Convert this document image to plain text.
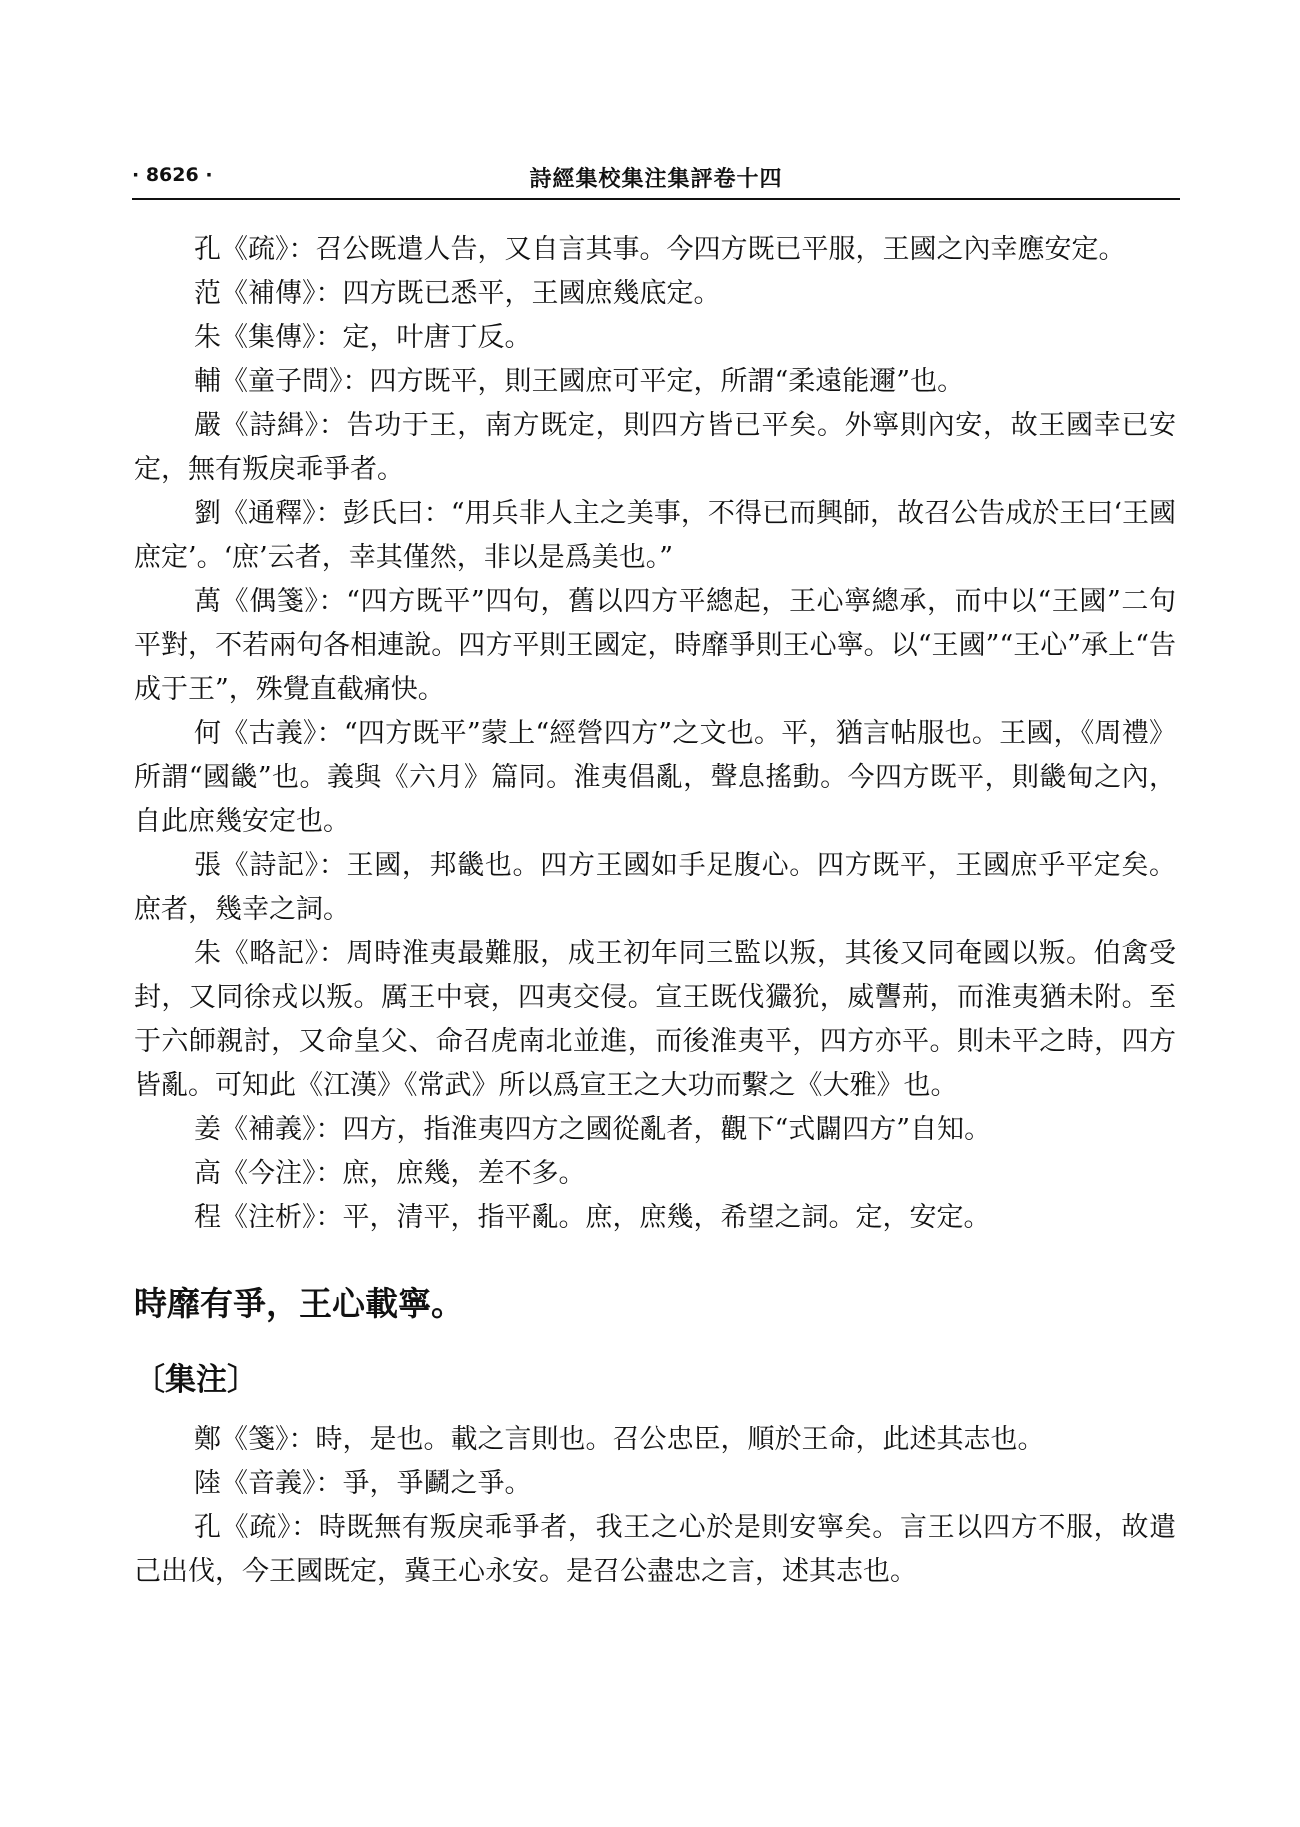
· 8626 ·	詩經集校集注集評卷十四

孔《疏》：召公既遣人告，又自言其事。今四方既已平服，王國之內幸應安定。

范《補傳》：四方既已悉平，王國庶幾底定。

朱《集傳》：定，叶唐丁反。

輔《童子問》：四方既平，則王國庶可平定，所謂“柔遠能邇”也。

嚴《詩緝》：告功于王，南方既定，則四方皆已平矣。外寧則內安，故王國幸已安定，無有叛戾乖爭者。

劉《通釋》：彭氏曰：“用兵非人主之美事，不得已而興師，故召公告成於王曰‘王國庶定’。‘庶’云者，幸其僅然，非以是爲美也。”

萬《偶箋》：“四方既平”四句，舊以四方平總起，王心寧總承，而中以“王國”二句平對，不若兩句各相連說。四方平則王國定，時靡爭則王心寧。以“王國”“王心”承上“告成于王”，殊覺直截痛快。

何《古義》：“四方既平”蒙上“經營四方”之文也。平，猶言帖服也。王國，《周禮》所謂“國畿”也。義與《六月》篇同。淮夷倡亂，聲息搖動。今四方既平，則畿甸之內，自此庶幾安定也。

張《詩記》：王國，邦畿也。四方王國如手足腹心。四方既平，王國庶乎平定矣。庶者，幾幸之詞。

朱《略記》：周時淮夷最難服，成王初年同三監以叛，其後又同奄國以叛。伯禽受封，又同徐戎以叛。厲王中衰，四夷交侵。宣王既伐玁狁，威讋荊，而淮夷猶未附。至于六師親討，又命皇父、命召虎南北並進，而後淮夷平，四方亦平。則未平之時，四方皆亂。可知此《江漢》《常武》所以爲宣王之大功而繫之《大雅》也。

姜《補義》：四方，指淮夷四方之國從亂者，觀下“式闢四方”自知。

高《今注》：庶，庶幾，差不多。

程《注析》：平，清平，指平亂。庶，庶幾，希望之詞。定，安定。

時靡有爭，王心載寧。
〔集注〕

鄭《箋》：時，是也。載之言則也。召公忠臣，順於王命，此述其志也。

陸《音義》：爭，爭鬬之爭。

孔《疏》：時既無有叛戾乖爭者，我王之心於是則安寧矣。言王以四方不服，故遣己出伐，今王國既定，冀王心永安。是召公盡忠之言，述其志也。
